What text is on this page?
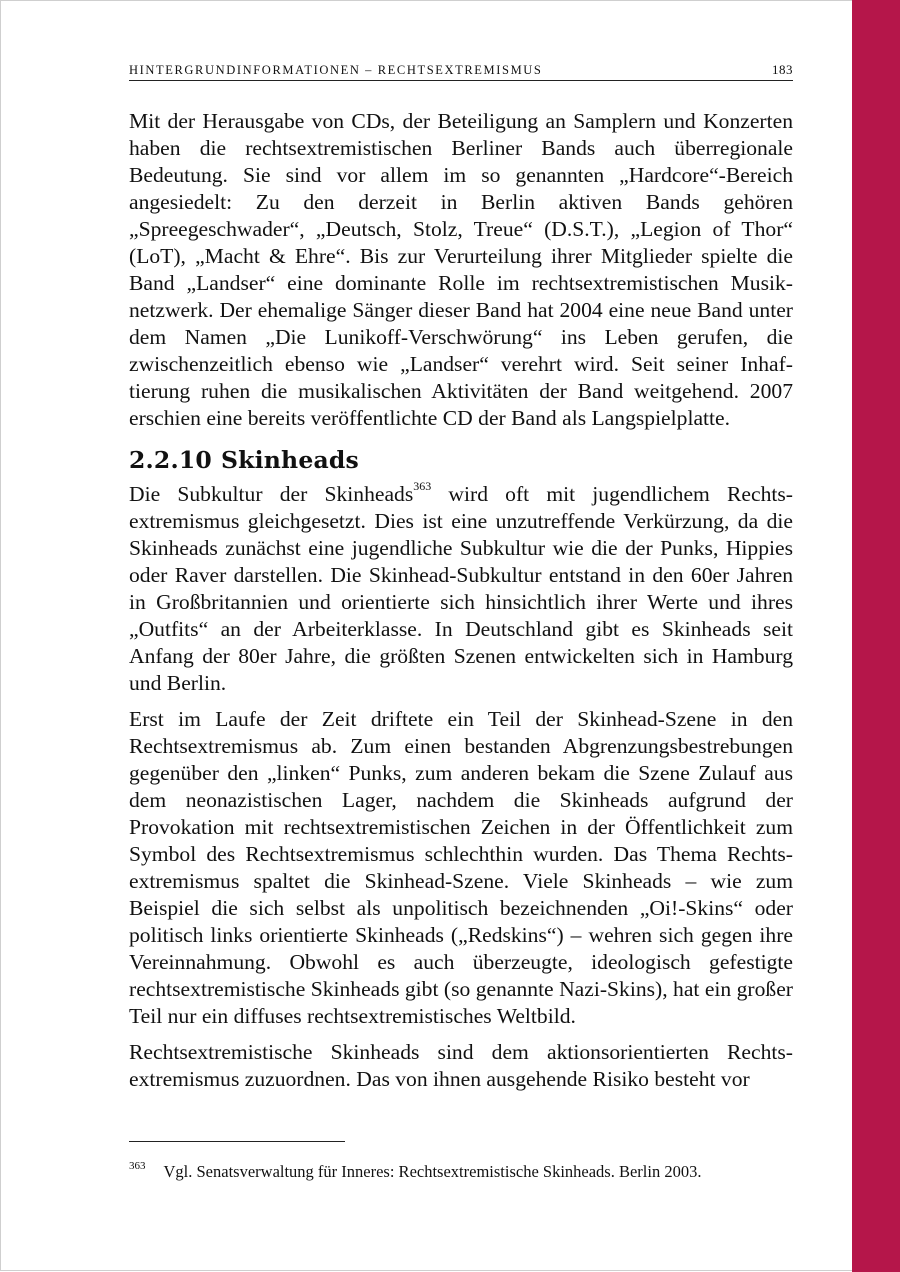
HINTERGRUNDINFORMATIONEN – RECHTSEXTREMISMUS	183

Mit der Herausgabe von CDs, der Beteiligung an Samplern und Konzerten haben die rechtsextremistischen Berliner Bands auch überregionale Bedeutung. Sie sind vor allem im so genannten „Hardcore“-Bereich angesiedelt: Zu den derzeit in Berlin aktiven Bands gehören „Spreegeschwader“, „Deutsch, Stolz, Treue“ (D.S.T.), „Legion of Thor“ (LoT), „Macht & Ehre“. Bis zur Verurteilung ihrer Mitglieder spielte die Band „Landser“ eine dominante Rolle im rechtsextremistischen Musiknetzwerk. Der ehemalige Sänger dieser Band hat 2004 eine neue Band unter dem Namen „Die Lunikoff-Verschwörung“ ins Leben gerufen, die zwischenzeitlich ebenso wie „Landser“ verehrt wird. Seit seiner Inhaftierung ruhen die musikalischen Aktivitäten der Band weitgehend. 2007 erschien eine bereits veröffentlichte CD der Band als Langspielplatte.

2.2.10 Skinheads

Die Subkultur der Skinheads$^{363}$ wird oft mit jugendlichem Rechtsextremismus gleichgesetzt. Dies ist eine unzutreffende Verkürzung, da die Skinheads zunächst eine jugendliche Subkultur wie die der Punks, Hippies oder Raver darstellen. Die Skinhead-Subkultur entstand in den 60er Jahren in Großbritannien und orientierte sich hinsichtlich ihrer Werte und ihres „Outfits“ an der Arbeiterklasse. In Deutschland gibt es Skinheads seit Anfang der 80er Jahre, die größten Szenen entwickelten sich in Hamburg und Berlin.

Erst im Laufe der Zeit driftete ein Teil der Skinhead-Szene in den Rechtsextremismus ab. Zum einen bestanden Abgrenzungsbestrebungen gegenüber den „linken“ Punks, zum anderen bekam die Szene Zulauf aus dem neonazistischen Lager, nachdem die Skinheads aufgrund der Provokation mit rechtsextremistischen Zeichen in der Öffentlichkeit zum Symbol des Rechtsextremismus schlechthin wurden. Das Thema Rechtsextremismus spaltet die Skinhead-Szene. Viele Skinheads – wie zum Beispiel die sich selbst als unpolitisch bezeichnenden „Oi!-Skins“ oder politisch links orientierte Skinheads („Redskins“) – wehren sich gegen ihre Vereinnahmung. Obwohl es auch überzeugte, ideologisch gefestigte rechtsextremistische Skinheads gibt (so genannte Nazi-Skins), hat ein großer Teil nur ein diffuses rechtsextremistisches Weltbild.

Rechtsextremistische Skinheads sind dem aktionsorientierten Rechtsextremismus zuzuordnen. Das von ihnen ausgehende Risiko besteht vor

$^{363}$ Vgl. Senatsverwaltung für Inneres: Rechtsextremistische Skinheads. Berlin 2003.
